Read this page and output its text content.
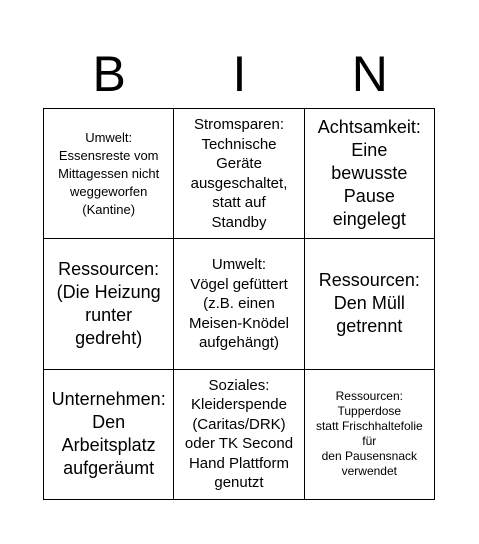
B	I	N
Umwelt:
Essensreste vom
Mittagessen nicht
weggeworfen
(Kantine)
Stromsparen:
Technische
Geräte
ausgeschaltet,
statt auf
Standby
Achtsamkeit:
Eine
bewusste
Pause
eingelegt
Ressourcen:
(Die Heizung
runter
gedreht)
Umwelt:
Vögel gefüttert
(z.B. einen
Meisen-Knödel
aufgehängt)
Ressourcen:
Den Müll
getrennt
Unternehmen:
Den
Arbeitsplatz
aufgeräumt
Soziales:
Kleiderspende
(Caritas/DRK)
oder TK Second
Hand Plattform
genutzt
Ressourcen:
Tupperdose
statt Frischhaltefolie
für
den Pausensnack
verwendet
